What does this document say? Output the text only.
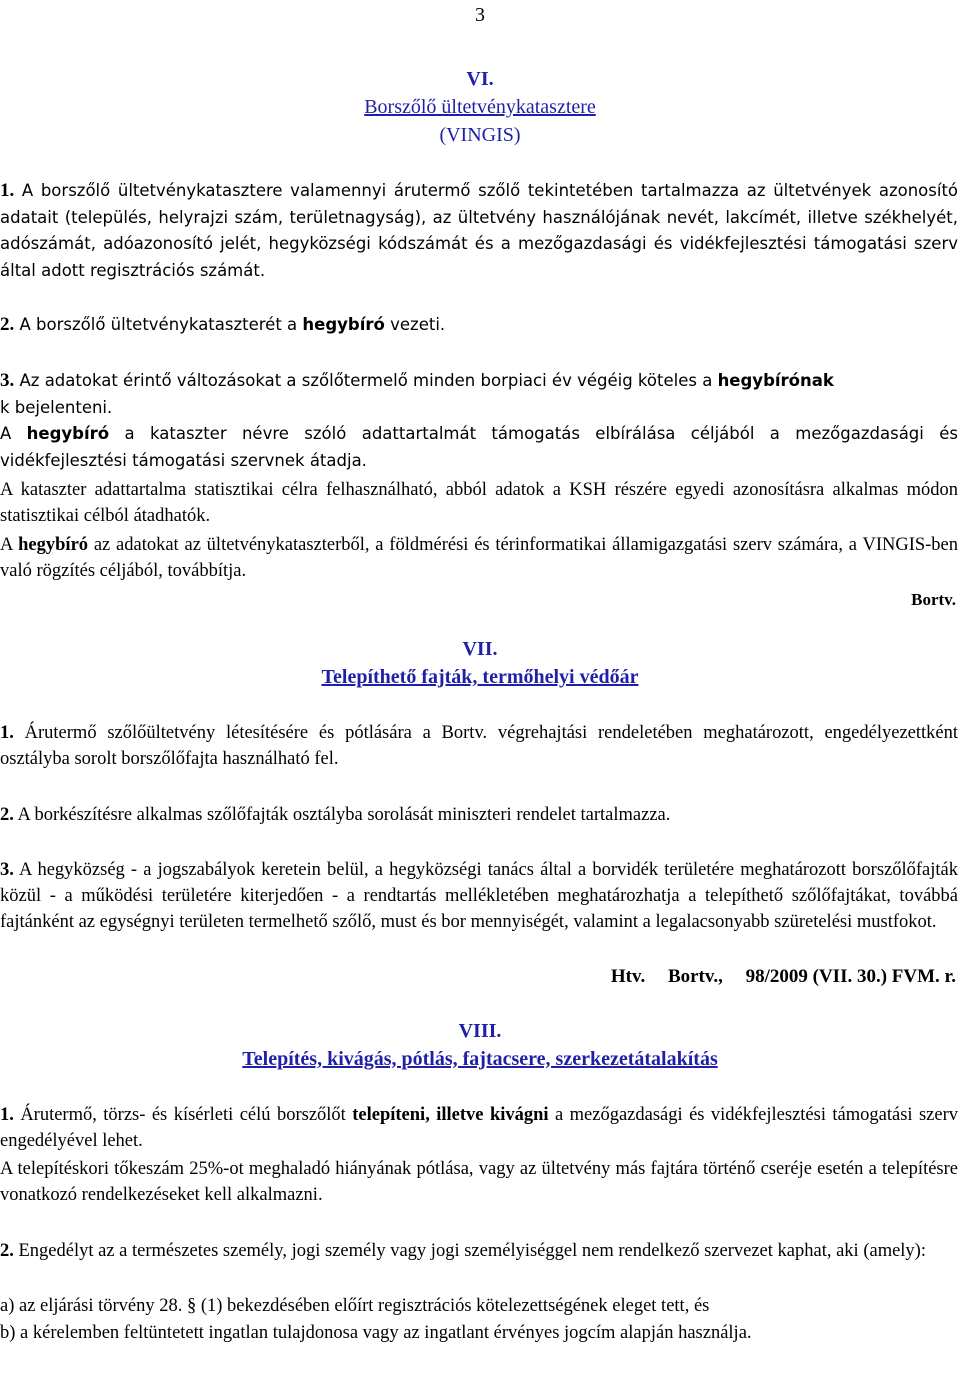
3
VI.
Borszőlő ültetvénykatasztere
(VINGIS)
1. A borszőlő ültetvénykatasztere valamennyi árutermő szőlő tekintetében tartalmazza az ültetvények azonosító adatait (település, helyrajzi szám, területnagyság), az ültetvény használójának nevét, lakcímét, illetve székhelyét, adószámát, adóazonosító jelét, hegyközségi kódszámát és a mezőgazdasági és vidékfejlesztési támogatási szerv által adott regisztrációs számát.
2. A borszőlő ültetvénykataszterét a hegybíró vezeti.
3. Az adatokat érintő változásokat a szőlőtermelő minden borpiaci év végéig köteles a hegybírónak
k bejelenteni.
A hegybíró a kataszter névre szóló adattartalmát támogatás elbírálása céljából a mezőgazdasági és vidékfejlesztési támogatási szervnek átadja.
A kataszter adattartalma statisztikai célra felhasználható, abból adatok a KSH részére egyedi azonosításra alkalmas módon statisztikai célból átadhatók.
A hegybíró az adatokat az ültetvénykataszterből, a földmérési és térinformatikai államigazgatási szerv számára, a VINGIS-ben való rögzítés céljából, továbbítja.
Bortv.
VII.
Telepíthető fajták, termőhelyi védőár
1. Árutermő szőlőültetvény létesítésére és pótlására a Bortv. végrehajtási rendeletében meghatározott, engedélyezettként osztályba sorolt borszőlőfajta használható fel.
2. A borkészítésre alkalmas szőlőfajták osztályba sorolását miniszteri rendelet tartalmazza.
3. A hegyközség - a jogszabályok keretein belül, a hegyközségi tanács által a borvidék területére meghatározott borszőlőfajták közül - a működési területére kiterjedően - a rendtartás mellékletében meghatározhatja a telepíthető szőlőfajtákat, továbbá fajtánként az egységnyi területen termelhető szőlő, must és bor mennyiségét, valamint a legalacsonyabb szüretelési mustfokot.
Htv. Bortv., 98/2009 (VII. 30.) FVM. r.
VIII.
Telepítés, kivágás, pótlás, fajtacsere, szerkezetátalakítás
1. Árutermő, törzs- és kísérleti célú borszőlőt telepíteni, illetve kivágni a mezőgazdasági és vidékfejlesztési támogatási szerv engedélyével lehet.
A telepítéskori tőkeszám 25%-ot meghaladó hiányának pótlása, vagy az ültetvény más fajtára történő cseréje esetén a telepítésre vonatkozó rendelkezéseket kell alkalmazni.
2. Engedélyt az a természetes személy, jogi személy vagy jogi személyiséggel nem rendelkező szervezet kaphat, aki (amely):
a) az eljárási törvény 28. § (1) bekezdésében előírt regisztrációs kötelezettségének eleget tett, és
b) a kérelemben feltüntetett ingatlan tulajdonosa vagy az ingatlant érvényes jogcím alapján használja.
